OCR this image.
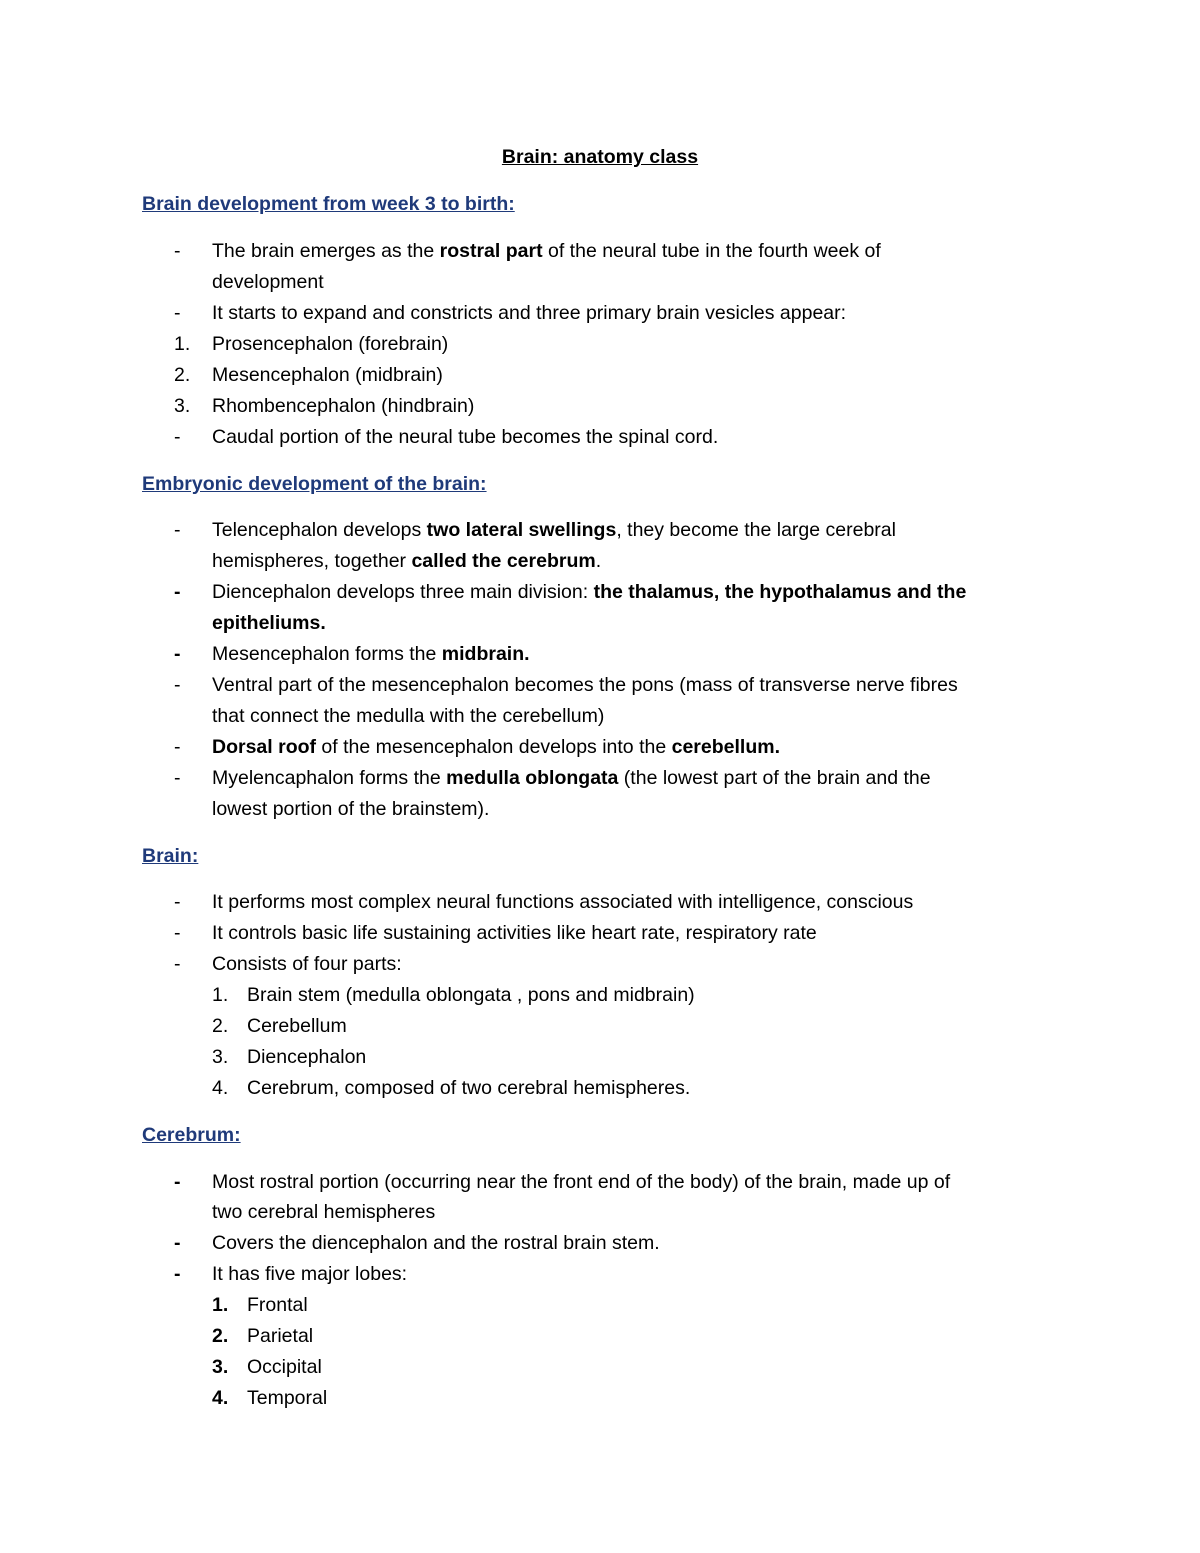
Brain: anatomy class
Brain development from week 3 to birth:
-	The brain emerges as the rostral part of the neural tube in the fourth week of
development
-	It starts to expand and constricts and three primary brain vesicles appear:
1.	Prosencephalon (forebrain)
2.	Mesencephalon (midbrain)
3.	Rhombencephalon (hindbrain)
-	Caudal portion of the neural tube becomes the spinal cord.
Embryonic development of the brain:
-	Telencephalon develops two lateral swellings, they become the large cerebral
hemispheres, together called the cerebrum.
-	Diencephalon develops three main division: the thalamus, the hypothalamus and the
epitheliums.
-	Mesencephalon forms the midbrain.
-	Ventral part of the mesencephalon becomes the pons (mass of transverse nerve fibres
that connect the medulla with the cerebellum)
-	Dorsal roof of the mesencephalon develops into the cerebellum.
-	Myelencaphalon forms the medulla oblongata (the lowest part of the brain and the
lowest portion of the brainstem).
Brain:
-	It performs most complex neural functions associated with intelligence, conscious
-	It controls basic life sustaining activities like heart rate, respiratory rate
-	Consists of four parts:
1. Brain stem (medulla oblongata , pons and midbrain)
2. Cerebellum
3. Diencephalon
4. Cerebrum, composed of two cerebral hemispheres.
Cerebrum:
-	Most rostral portion (occurring near the front end of the body) of the brain, made up of
two cerebral hemispheres
-	Covers the diencephalon and the rostral brain stem.
-	It has five major lobes:
1. Frontal
2. Parietal
3. Occipital
4. Temporal
